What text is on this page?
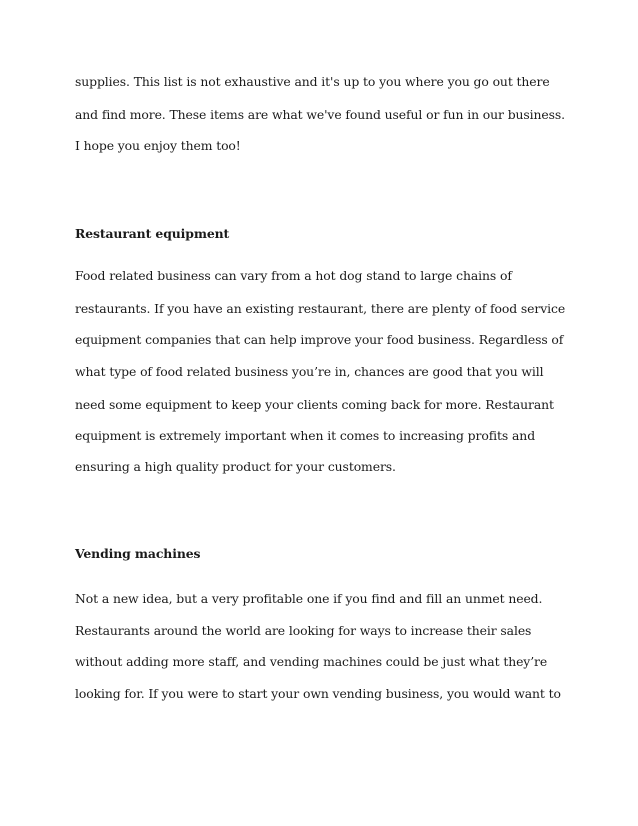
supplies. This list is not exhaustive and it's up to you where you go out there
and find more. These items are what we've found useful or fun in our business.
I hope you enjoy them too!
Restaurant equipment
Food related business can vary from a hot dog stand to large chains of
restaurants. If you have an existing restaurant, there are plenty of food service
equipment companies that can help improve your food business. Regardless of
what type of food related business you’re in, chances are good that you will
need some equipment to keep your clients coming back for more. Restaurant
equipment is extremely important when it comes to increasing profits and
ensuring a high quality product for your customers.
Vending machines
Not a new idea, but a very profitable one if you find and fill an unmet need.
Restaurants around the world are looking for ways to increase their sales
without adding more staff, and vending machines could be just what they’re
looking for. If you were to start your own vending business, you would want to
